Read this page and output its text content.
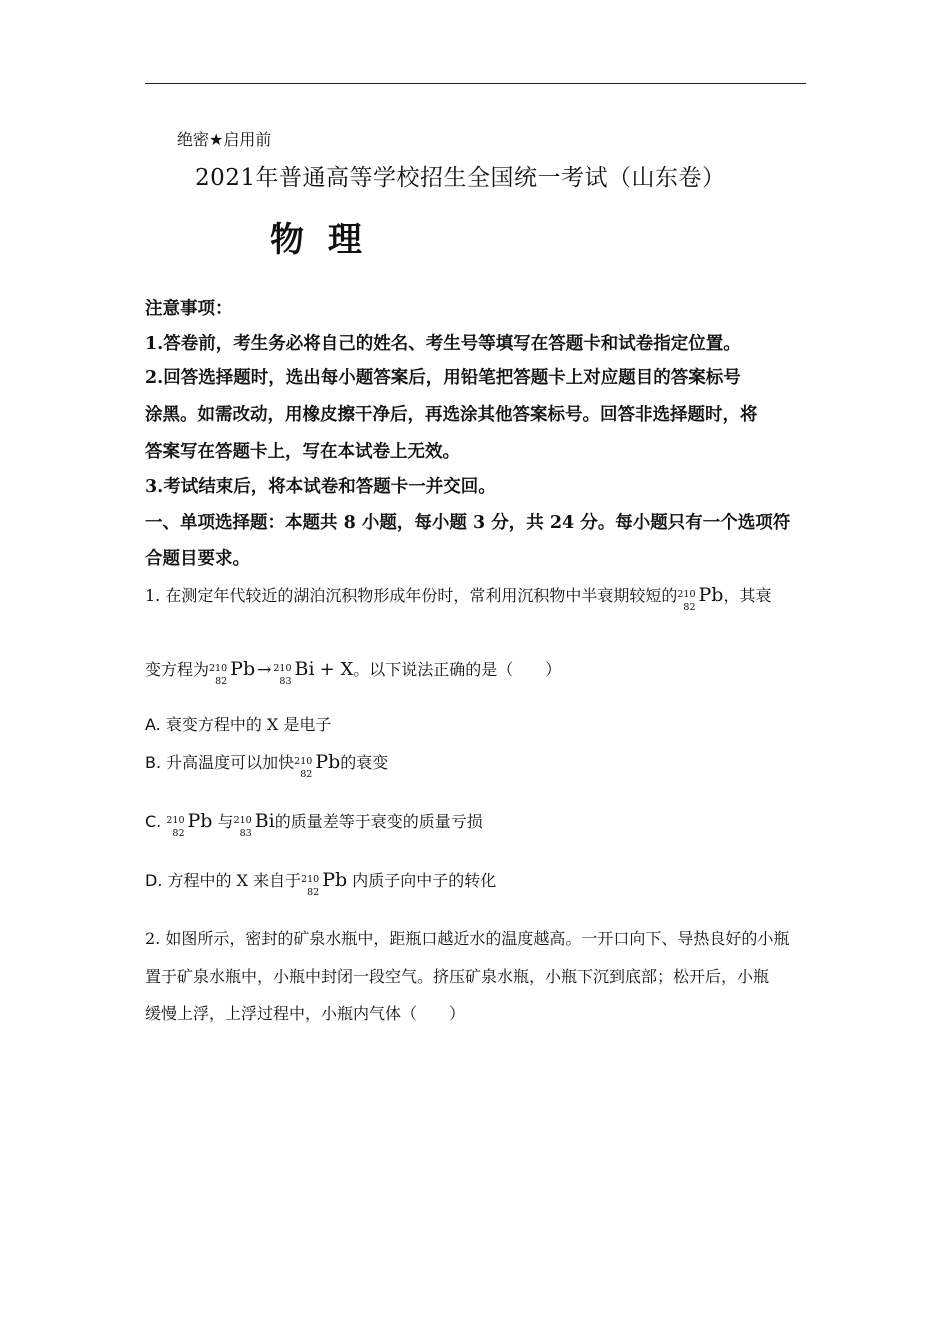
绝密★启用前
2021年普通高等学校招生全国统一考试（山东卷）
物 理
注意事项：
1.答卷前，考生务必将自己的姓名、考生号等填写在答题卡和试卷指定位置。
2.回答选择题时，选出每小题答案后，用铅笔把答题卡上对应题目的答案标号
涂黑。如需改动，用橡皮擦干净后，再选涂其他答案标号。回答非选择题时，将
答案写在答题卡上，写在本试卷上无效。
3.考试结束后，将本试卷和答题卡一并交回。
一、单项选择题：本题共 8 小题，每小题 3 分，共 24 分。每小题只有一个选项符
合题目要求。
1. 在测定年代较近的湖泊沉积物形成年份时，常利用沉积物中半衰期较短的 210
82
Pb，其衰
变方程为 210
82
Pb → 210
83
Bi + X。以下说法正确的是（　　）
A. 衰变方程中的 X 是电子
B. 升高温度可以加快 210
82
Pb的衰变
C. 210
82
Pb 与 210
83
Bi的质量差等于衰变的质量亏损
D. 方程中的 X 来自于 210
82
Pb 内质子向中子的转化
2. 如图所示，密封的矿泉水瓶中，距瓶口越近水的温度越高。一开口向下、导热良好的小瓶
置于矿泉水瓶中，小瓶中封闭一段空气。挤压矿泉水瓶，小瓶下沉到底部；松开后，小瓶
缓慢上浮，上浮过程中，小瓶内气体（　　）
